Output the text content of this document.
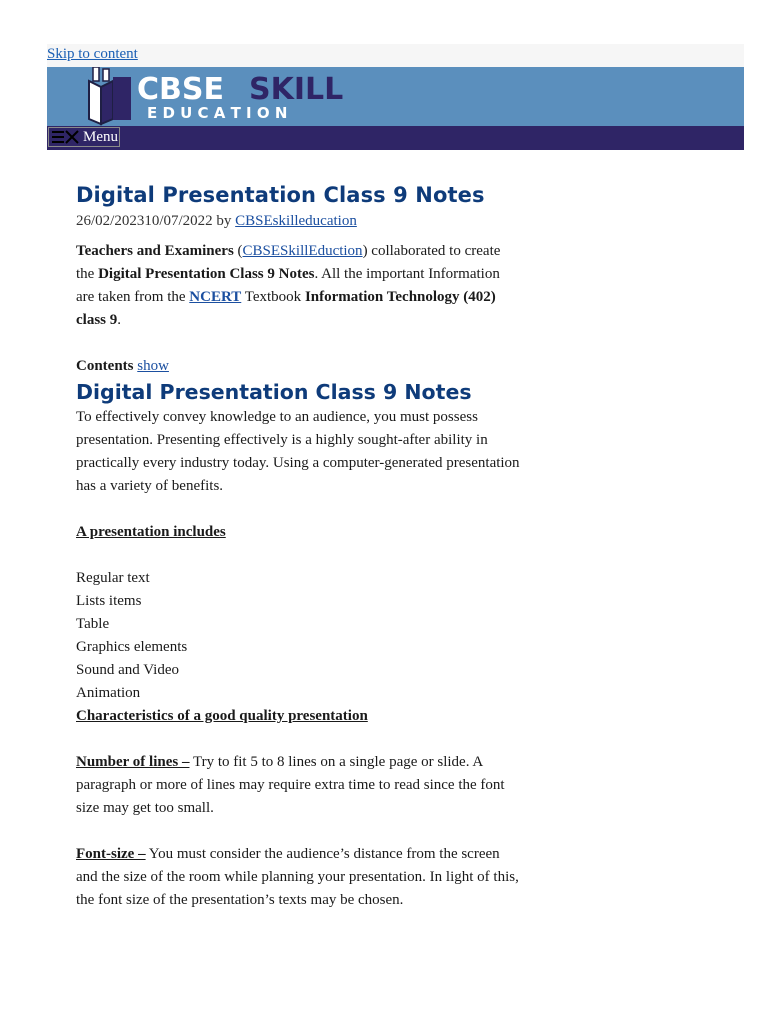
Skip to content
CBSE SKILL
E D U C A T I O N
Menu
Digital Presentation Class 9 Notes
26/02/202310/07/2022 by CBSEskilleducation

Teachers and Examiners (CBSESkillEduction) collaborated to create the Digital Presentation Class 9 Notes. All the important Information are taken from the NCERT Textbook Information Technology (402) class 9.

Contents show

Digital Presentation Class 9 Notes

To effectively convey knowledge to an audience, you must possess presentation. Presenting effectively is a highly sought-after ability in practically every industry today. Using a computer-generated presentation has a variety of benefits.

A presentation includes

Regular text

Lists items

Table

Graphics elements

Sound and Video

Animation

Characteristics of a good quality presentation

Number of lines – Try to fit 5 to 8 lines on a single page or slide. A paragraph or more of lines may require extra time to read since the font size may get too small.

Font-size – You must consider the audience’s distance from the screen and the size of the room while planning your presentation. In light of this, the font size of the presentation’s texts may be chosen.
